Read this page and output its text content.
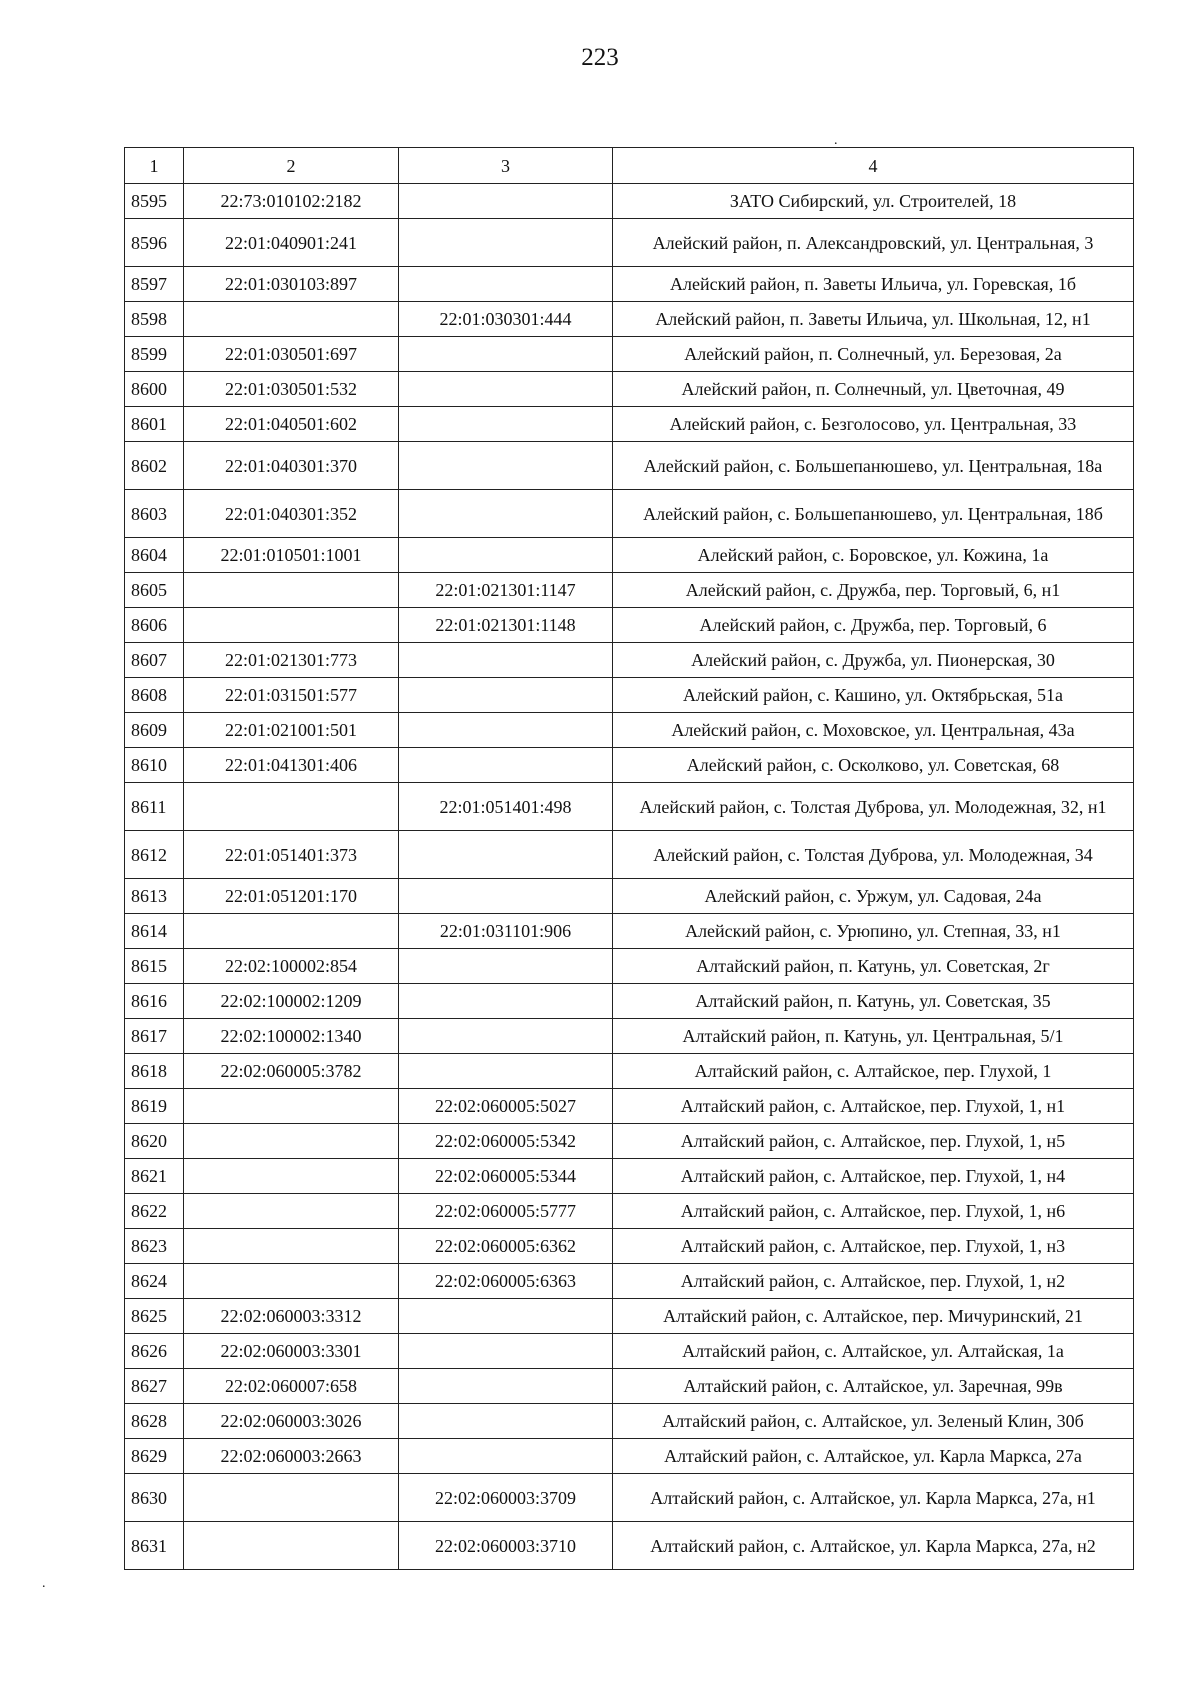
223
.
.
1	2	3	4
8595	22:73:010102:2182		ЗАТО Сибирский, ул. Строителей, 18
8596	22:01:040901:241		Алейский район, п. Александровский, ул. Центральная, 3
8597	22:01:030103:897		Алейский район, п. Заветы Ильича, ул. Горевская, 1б
8598		22:01:030301:444	Алейский район, п. Заветы Ильича, ул. Школьная, 12, н1
8599	22:01:030501:697		Алейский район, п. Солнечный, ул. Березовая, 2а
8600	22:01:030501:532		Алейский район, п. Солнечный, ул. Цветочная, 49
8601	22:01:040501:602		Алейский район, с. Безголосово, ул. Центральная, 33
8602	22:01:040301:370		Алейский район, с. Большепанюшево, ул. Центральная, 18а
8603	22:01:040301:352		Алейский район, с. Большепанюшево, ул. Центральная, 18б
8604	22:01:010501:1001		Алейский район, с. Боровское, ул. Кожина, 1а
8605		22:01:021301:1147	Алейский район, с. Дружба, пер. Торговый, 6, н1
8606		22:01:021301:1148	Алейский район, с. Дружба, пер. Торговый, 6
8607	22:01:021301:773		Алейский район, с. Дружба, ул. Пионерская, 30
8608	22:01:031501:577		Алейский район, с. Кашино, ул. Октябрьская, 51а
8609	22:01:021001:501		Алейский район, с. Моховское, ул. Центральная, 43а
8610	22:01:041301:406		Алейский район, с. Осколково, ул. Советская, 68
8611		22:01:051401:498	Алейский район, с. Толстая Дуброва, ул. Молодежная, 32, н1
8612	22:01:051401:373		Алейский район, с. Толстая Дуброва, ул. Молодежная, 34
8613	22:01:051201:170		Алейский район, с. Уржум, ул. Садовая, 24а
8614		22:01:031101:906	Алейский район, с. Урюпино, ул. Степная, 33, н1
8615	22:02:100002:854		Алтайский район, п. Катунь, ул. Советская, 2г
8616	22:02:100002:1209		Алтайский район, п. Катунь, ул. Советская, 35
8617	22:02:100002:1340		Алтайский район, п. Катунь, ул. Центральная, 5/1
8618	22:02:060005:3782		Алтайский район, с. Алтайское, пер. Глухой, 1
8619		22:02:060005:5027	Алтайский район, с. Алтайское, пер. Глухой, 1, н1
8620		22:02:060005:5342	Алтайский район, с. Алтайское, пер. Глухой, 1, н5
8621		22:02:060005:5344	Алтайский район, с. Алтайское, пер. Глухой, 1, н4
8622		22:02:060005:5777	Алтайский район, с. Алтайское, пер. Глухой, 1, н6
8623		22:02:060005:6362	Алтайский район, с. Алтайское, пер. Глухой, 1, н3
8624		22:02:060005:6363	Алтайский район, с. Алтайское, пер. Глухой, 1, н2
8625	22:02:060003:3312		Алтайский район, с. Алтайское, пер. Мичуринский, 21
8626	22:02:060003:3301		Алтайский район, с. Алтайское, ул. Алтайская, 1а
8627	22:02:060007:658		Алтайский район, с. Алтайское, ул. Заречная, 99в
8628	22:02:060003:3026		Алтайский район, с. Алтайское, ул. Зеленый Клин, 30б
8629	22:02:060003:2663		Алтайский район, с. Алтайское, ул. Карла Маркса, 27а
8630		22:02:060003:3709	Алтайский район, с. Алтайское, ул. Карла Маркса, 27а, н1
8631		22:02:060003:3710	Алтайский район, с. Алтайское, ул. Карла Маркса, 27а, н2
